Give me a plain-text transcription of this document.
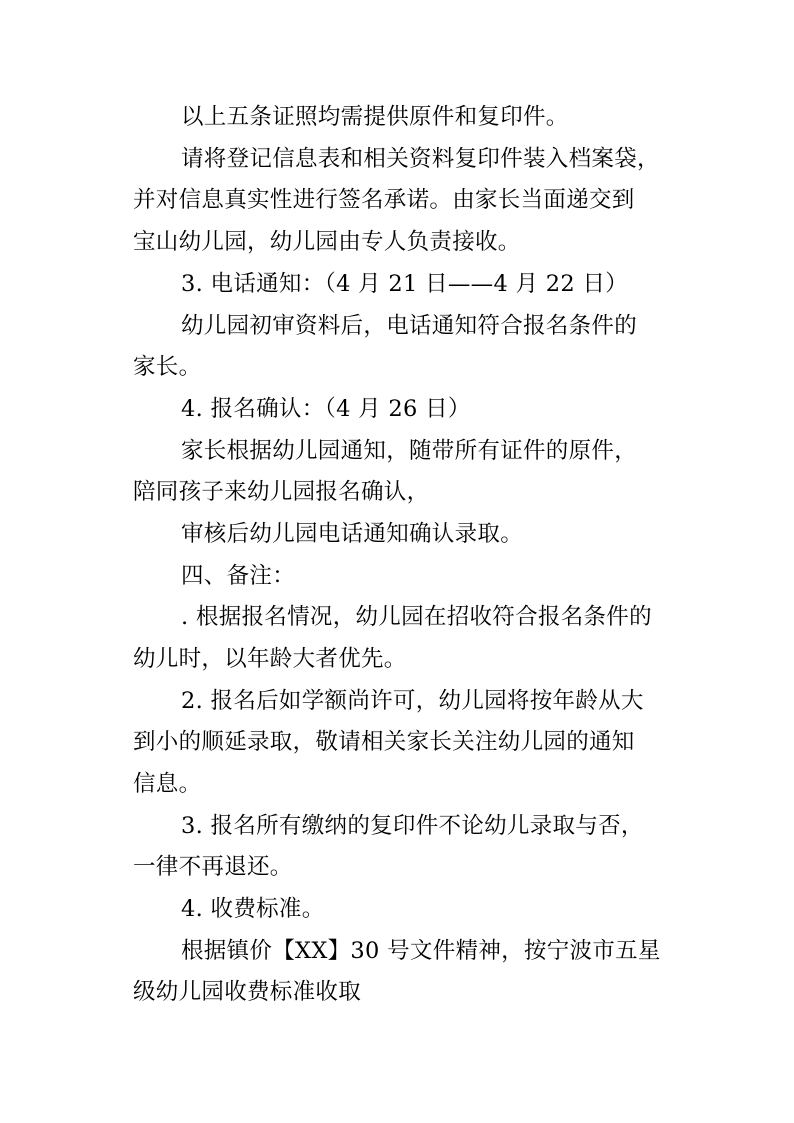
以上五条证照均需提供原件和复印件。
请将登记信息表和相关资料复印件装入档案袋，
并对信息真实性进行签名承诺。由家长当面递交到
宝山幼儿园，幼儿园由专人负责接收。
3. 电话通知：（4 月 21 日——4 月 22 日）
幼儿园初审资料后，电话通知符合报名条件的
家长。
4. 报名确认：（4 月 26 日）
家长根据幼儿园通知，随带所有证件的原件，
陪同孩子来幼儿园报名确认，
审核后幼儿园电话通知确认录取。
四、备注：
. 根据报名情况，幼儿园在招收符合报名条件的
幼儿时，以年龄大者优先。
2. 报名后如学额尚许可，幼儿园将按年龄从大
到小的顺延录取，敬请相关家长关注幼儿园的通知
信息。
3. 报名所有缴纳的复印件不论幼儿录取与否，
一律不再退还。
4. 收费标准。
根据镇价【XX】30 号文件精神，按宁波市五星
级幼儿园收费标准收取
